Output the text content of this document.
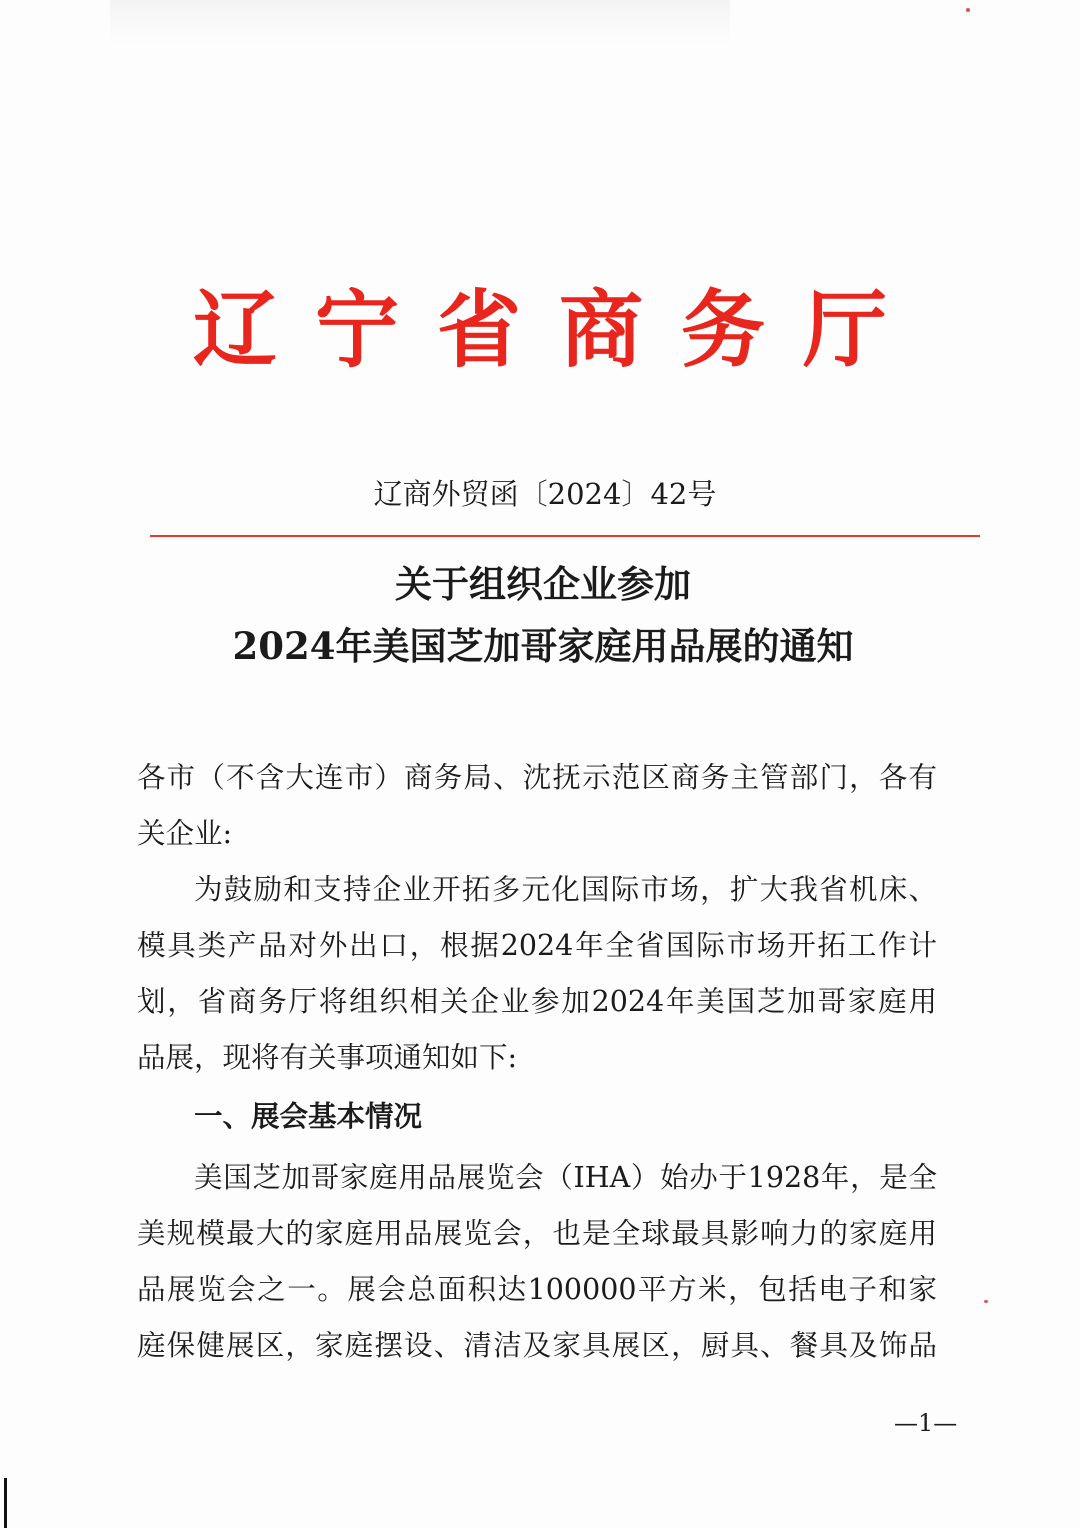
辽宁省商务厅
辽商外贸函〔2024〕42号
关于组织企业参加
2024年美国芝加哥家庭用品展的通知
各市（不含大连市）商务局、沈抚示范区商务主管部门，各有
关企业:
为鼓励和支持企业开拓多元化国际市场，扩大我省机床、
模具类产品对外出口，根据2024年全省国际市场开拓工作计
划，省商务厅将组织相关企业参加2024年美国芝加哥家庭用
品展，现将有关事项通知如下:
一、展会基本情况
美国芝加哥家庭用品展览会（IHA）始办于1928年，是全
美规模最大的家庭用品展览会，也是全球最具影响力的家庭用
品展览会之一。展会总面积达100000平方米，包括电子和家
庭保健展区，家庭摆设、清洁及家具展区，厨具、餐具及饰品
—1—
